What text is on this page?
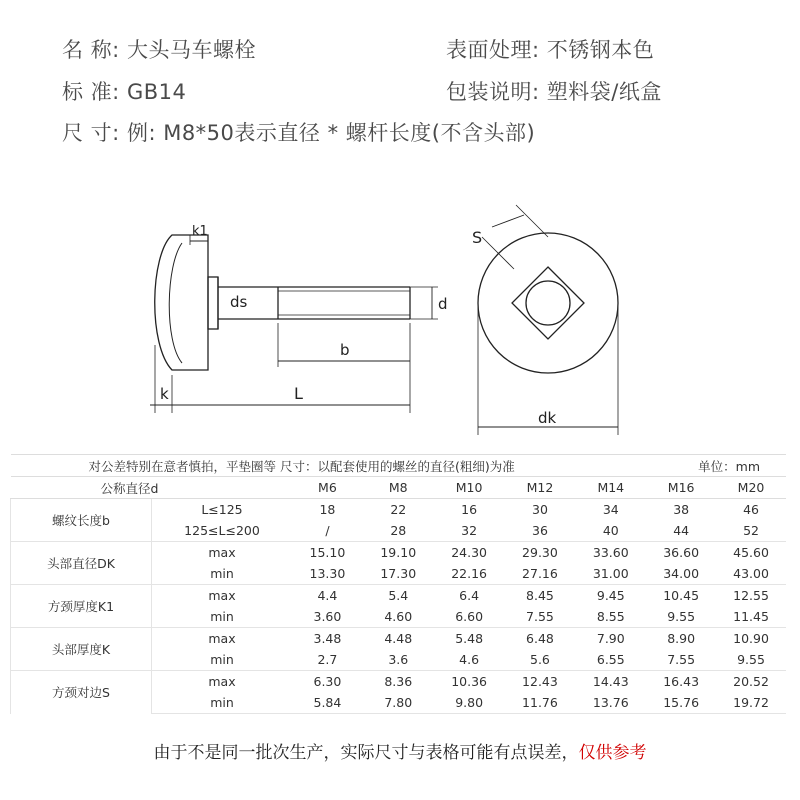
名 称: 大头马车螺栓
标 准: GB14
尺 寸: 例: M8*50表示直径 * 螺杆长度(不含头部)
表面处理: 不锈钢本色
包装说明: 塑料袋/纸盒
k1
ds	d
b
k	L
S
dk
对公差特别在意者慎拍，平垫圈等 尺寸：以配套使用的螺丝的直径(粗细)为准							单位：mm	
公称直径d		M6	M8	M10	M12	M14	M16	M20
螺纹长度b	L≤125	18	22	16	30	34	38	46
	125≤L≤200	/	28	32	36	40	44	52
头部直径DK	max	15.10	19.10	24.30	29.30	33.60	36.60	45.60
	min	13.30	17.30	22.16	27.16	31.00	34.00	43.00
方颈厚度K1	max	4.4	5.4	6.4	8.45	9.45	10.45	12.55
	min	3.60	4.60	6.60	7.55	8.55	9.55	11.45
头部厚度K	max	3.48	4.48	5.48	6.48	7.90	8.90	10.90
	min	2.7	3.6	4.6	5.6	6.55	7.55	9.55
方颈对边S	max	6.30	8.36	10.36	12.43	14.43	16.43	20.52
	min	5.84	7.80	9.80	11.76	13.76	15.76	19.72
由于不是同一批次生产，实际尺寸与表格可能有点误差，仅供参考
